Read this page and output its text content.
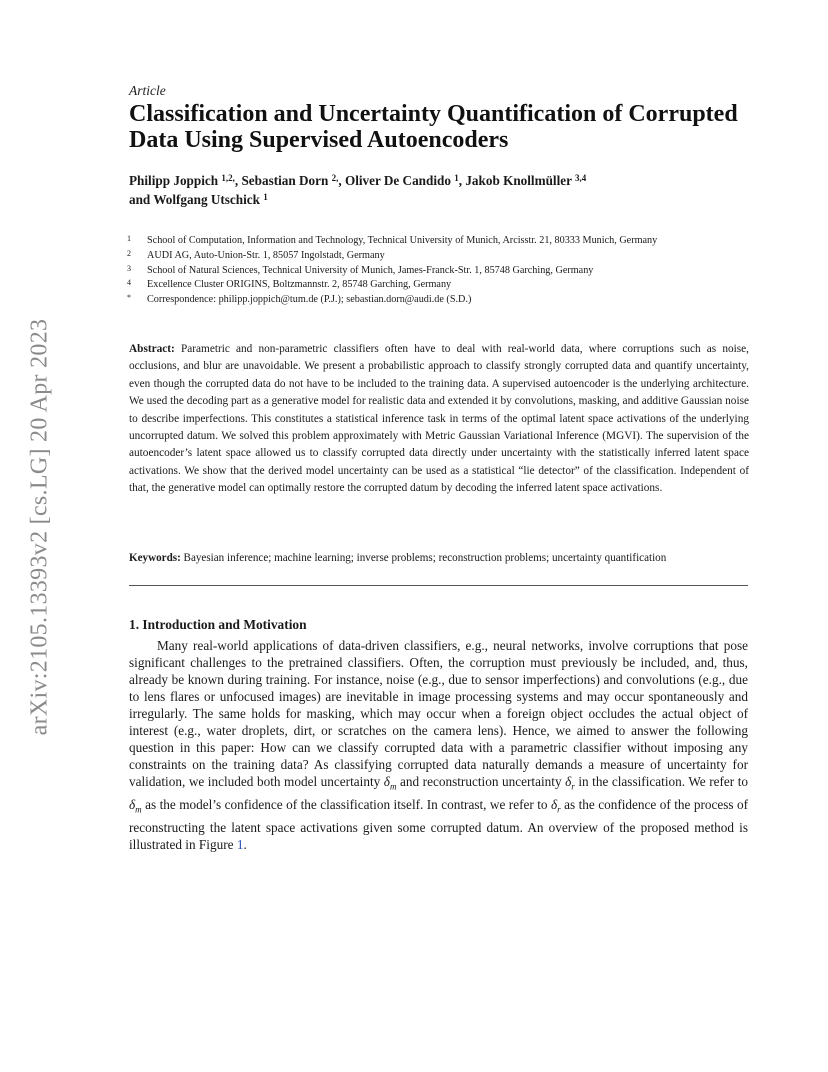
arXiv:2105.13393v2 [cs.LG] 20 Apr 2023
Article
Classification and Uncertainty Quantification of Corrupted Data Using Supervised Autoencoders
Philipp Joppich $^{1,2,}$, Sebastian Dorn $^{2,}$, Oliver De Candido $^1$, Jakob Knollmüller $^{3,4}$
and Wolfgang Utschick $^1$
1 School of Computation, Information and Technology, Technical University of Munich, Arcisstr. 21, 80333 Munich, Germany
2 AUDI AG, Auto-Union-Str. 1, 85057 Ingolstadt, Germany
3 School of Natural Sciences, Technical University of Munich, James-Franck-Str. 1, 85748 Garching, Germany
4 Excellence Cluster ORIGINS, Boltzmannstr. 2, 85748 Garching, Germany
* Correspondence: philipp.joppich@tum.de (P.J.); sebastian.dorn@audi.de (S.D.)

Abstract: Parametric and non-parametric classifiers often have to deal with real-world data, where corruptions such as noise, occlusions, and blur are unavoidable. We present a probabilistic approach to classify strongly corrupted data and quantify uncertainty, even though the corrupted data do not have to be included to the training data. A supervised autoencoder is the underlying architecture. We used the decoding part as a generative model for realistic data and extended it by convolutions, masking, and additive Gaussian noise to describe imperfections. This constitutes a statistical inference task in terms of the optimal latent space activations of the underlying uncorrupted datum. We solved this problem approximately with Metric Gaussian Variational Inference (MGVI). The supervision of the autoencoder’s latent space allowed us to classify corrupted data directly under uncertainty with the statistically inferred latent space activations. We show that the derived model uncertainty can be used as a statistical “lie detector” of the classification. Independent of that, the generative model can optimally restore the corrupted datum by decoding the inferred latent space activations.

Keywords: Bayesian inference; machine learning; inverse problems; reconstruction problems; uncertainty quantification

1. Introduction and Motivation

Many real-world applications of data-driven classifiers, e.g., neural networks, involve corruptions that pose significant challenges to the pretrained classifiers. Often, the corruption must previously be included, and, thus, already be known during training. For instance, noise (e.g., due to sensor imperfections) and convolutions (e.g., due to lens flares or unfocused images) are inevitable in image processing systems and may occur spontaneously and irregularly. The same holds for masking, which may occur when a foreign object occludes the actual object of interest (e.g., water droplets, dirt, or scratches on the camera lens). Hence, we aimed to answer the following question in this paper: How can we classify corrupted data with a parametric classifier without imposing any constraints on the training data? As classifying corrupted data naturally demands a measure of uncertainty for validation, we included both model uncertainty $\delta_m$ and reconstruction uncertainty $\delta_r$ in the classification. We refer to $\delta_m$ as the model’s confidence of the classification itself. In contrast, we refer to $\delta_r$ as the confidence of the process of reconstructing the latent space activations given some corrupted datum. An overview of the proposed method is illustrated in Figure 1.
